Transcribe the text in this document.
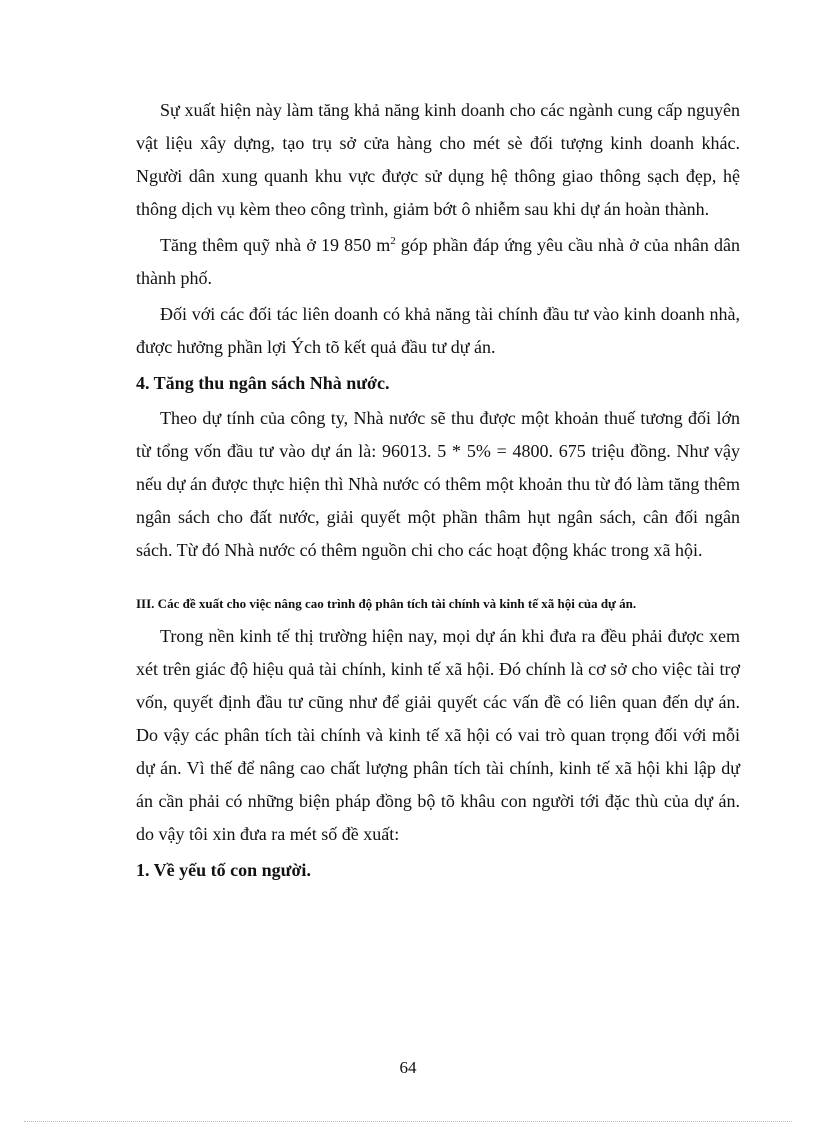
Sự xuất hiện này làm tăng khả năng kinh doanh cho các ngành cung cấp nguyên vật liệu xây dựng, tạo trụ sở cửa hàng cho mét sè đối tượng kinh doanh khác. Người dân xung quanh khu vực được sử dụng hệ thông giao thông sạch đẹp, hệ thông dịch vụ kèm theo công trình, giảm bớt ô nhiễm sau khi dự án hoàn thành.

Tăng thêm quỹ nhà ở 19 850 $m^2$ góp phần đáp ứng yêu cầu nhà ở của nhân dân thành phố.

Đối với các đối tác liên doanh có khả năng tài chính đầu tư vào kinh doanh nhà, được hưởng phần lợi Ých tõ kết quả đầu tư dự án.

4. Tăng thu ngân sách Nhà nước.

Theo dự tính của công ty, Nhà nước sẽ thu được một khoản thuế tương đối lớn từ tổng vốn đầu tư vào dự án là: 96013. 5 * 5% = 4800. 675 triệu đồng. Như vậy nếu dự án được thực hiện thì Nhà nước có thêm một khoản thu từ đó làm tăng thêm ngân sách cho đất nước, giải quyết một phần thâm hụt ngân sách, cân đối ngân sách. Từ đó Nhà nước có thêm nguồn chi cho các hoạt động khác trong xã hội.

III. Các đề xuất cho việc nâng cao trình độ phân tích tài chính và kinh tế xã hội của dự án.

Trong nền kinh tế thị trường hiện nay, mọi dự án khi đưa ra đều phải được xem xét trên giác độ hiệu quả tài chính, kinh tế xã hội. Đó chính là cơ sở cho việc tài trợ vốn, quyết định đầu tư cũng như để giải quyết các vấn đề có liên quan đến dự án. Do vậy các phân tích tài chính và kinh tế xã hội có vai trò quan trọng đối với mỗi dự án. Vì thế để nâng cao chất lượng phân tích tài chính, kinh tế xã hội khi lập dự án cần phải có những biện pháp đồng bộ tõ khâu con người tới đặc thù của dự án. do vậy tôi xin đưa ra mét số đề xuất:

1. Về yếu tố con người.
64
